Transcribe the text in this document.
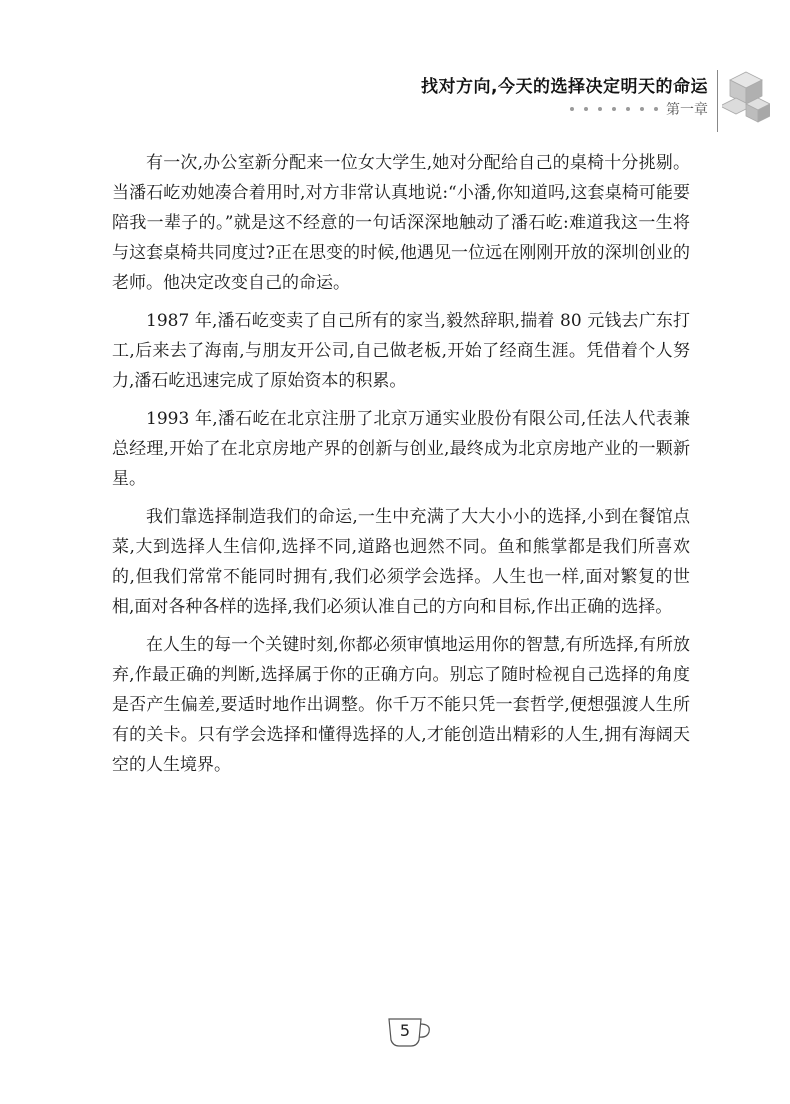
找对方向,今天的选择决定明天的命运
第一章

有一次,办公室新分配来一位女大学生,她对分配给自己的桌椅十分挑剔。当潘石屹劝她凑合着用时,对方非常认真地说:“小潘,你知道吗,这套桌椅可能要陪我一辈子的。”就是这不经意的一句话深深地触动了潘石屹:难道我这一生将与这套桌椅共同度过?正在思变的时候,他遇见一位远在刚刚开放的深圳创业的老师。他决定改变自己的命运。

1987 年,潘石屹变卖了自己所有的家当,毅然辞职,揣着 80 元钱去广东打工,后来去了海南,与朋友开公司,自己做老板,开始了经商生涯。凭借着个人努力,潘石屹迅速完成了原始资本的积累。

1993 年,潘石屹在北京注册了北京万通实业股份有限公司,任法人代表兼总经理,开始了在北京房地产界的创新与创业,最终成为北京房地产业的一颗新星。

我们靠选择制造我们的命运,一生中充满了大大小小的选择,小到在餐馆点菜,大到选择人生信仰,选择不同,道路也迥然不同。鱼和熊掌都是我们所喜欢的,但我们常常不能同时拥有,我们必须学会选择。人生也一样,面对繁复的世相,面对各种各样的选择,我们必须认准自己的方向和目标,作出正确的选择。

在人生的每一个关键时刻,你都必须审慎地运用你的智慧,有所选择,有所放弃,作最正确的判断,选择属于你的正确方向。别忘了随时检视自己选择的角度是否产生偏差,要适时地作出调整。你千万不能只凭一套哲学,便想强渡人生所有的关卡。只有学会选择和懂得选择的人,才能创造出精彩的人生,拥有海阔天空的人生境界。

5
